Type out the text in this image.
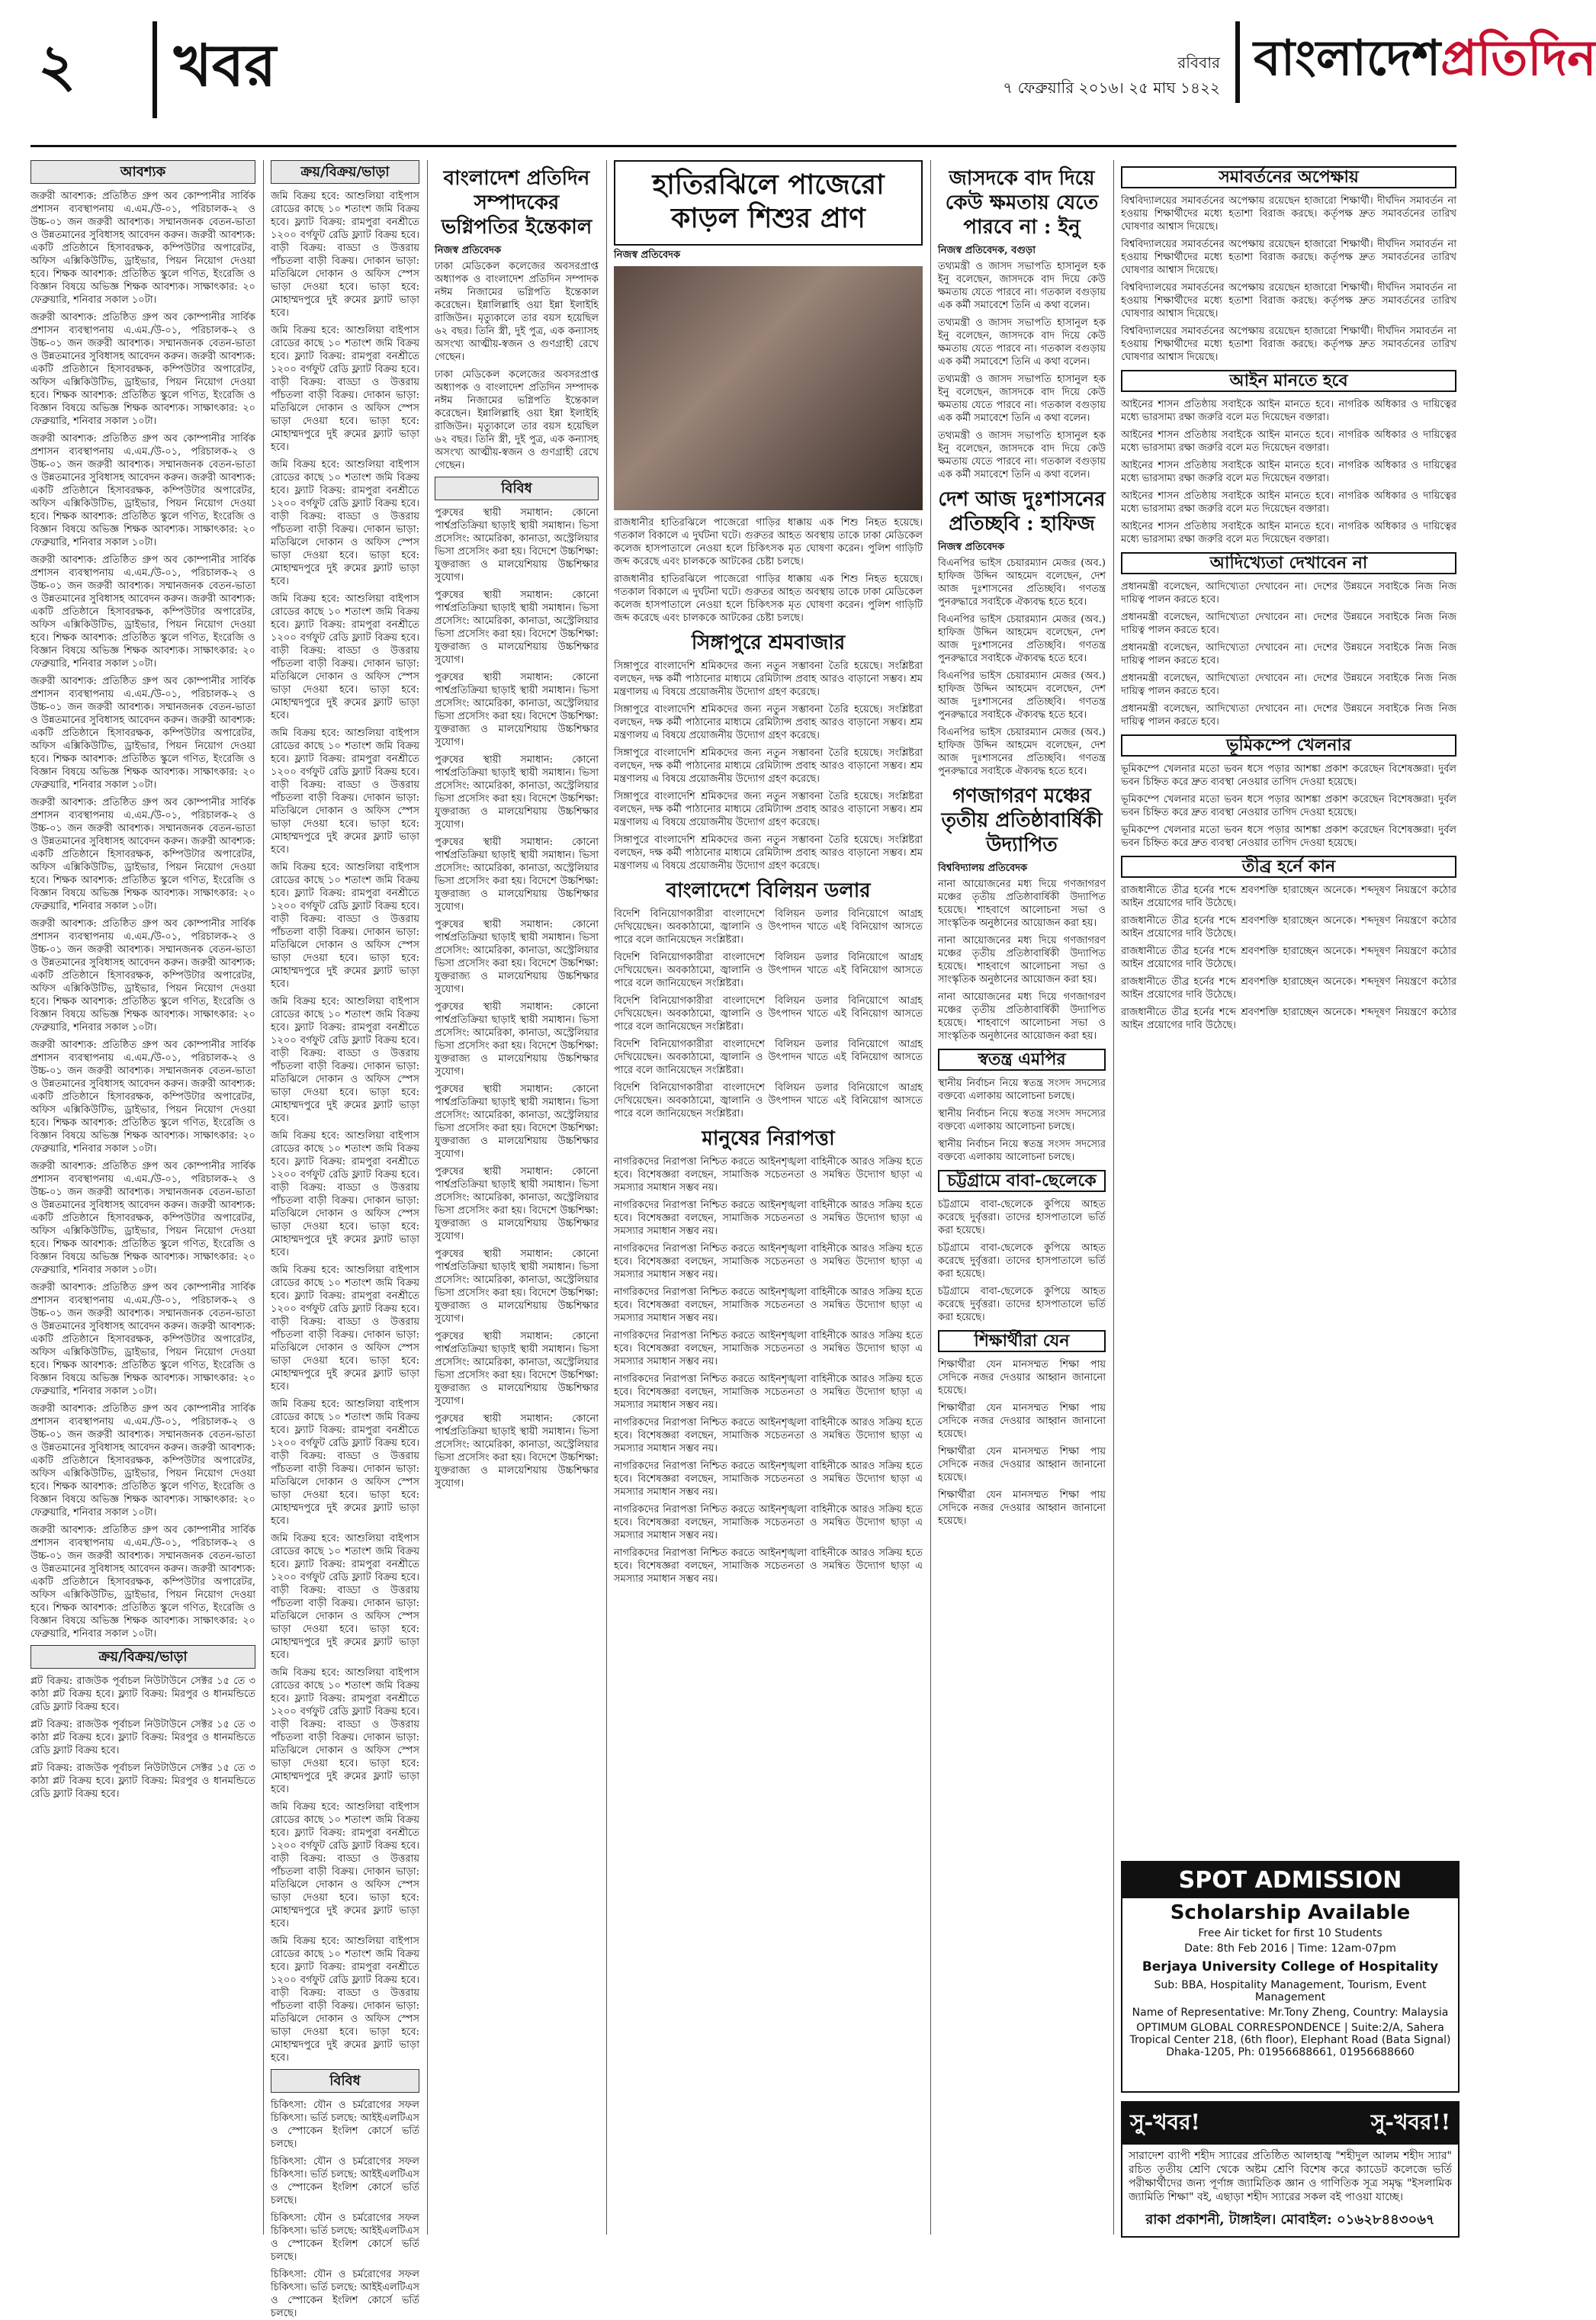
২	খবর	রবিবার
৭ ফেব্রুয়ারি ২০১৬। ২৫ মাঘ ১৪২২
বাংলাদেশপ্রতিদিন
আবশ্যক

জরুরী আবশ্যক: প্রতিষ্ঠিত গ্রুপ অব কোম্পানীর সার্বিক প্রশাসন ব্যবস্থাপনায় এ.এম./উ-০১, পরিচালক-২ ও উচ্চ-০১ জন জরুরী আবশ্যক। সম্মানজনক বেতন-ভাতা ও উন্নতমানের সুবিধাসহ আবেদন করুন। জরুরী আবশ্যক: একটি প্রতিষ্ঠানে হিসাবরক্ষক, কম্পিউটার অপারেটর, অফিস এক্সিকিউটিভ, ড্রাইভার, পিয়ন নিয়োগ দেওয়া হবে। শিক্ষক আবশ্যক: প্রতিষ্ঠিত স্কুলে গণিত, ইংরেজি ও বিজ্ঞান বিষয়ে অভিজ্ঞ শিক্ষক আবশ্যক। সাক্ষাৎকার: ২০ ফেব্রুয়ারি, শনিবার সকাল ১০টা।

জরুরী আবশ্যক: প্রতিষ্ঠিত গ্রুপ অব কোম্পানীর সার্বিক প্রশাসন ব্যবস্থাপনায় এ.এম./উ-০১, পরিচালক-২ ও উচ্চ-০১ জন জরুরী আবশ্যক। সম্মানজনক বেতন-ভাতা ও উন্নতমানের সুবিধাসহ আবেদন করুন। জরুরী আবশ্যক: একটি প্রতিষ্ঠানে হিসাবরক্ষক, কম্পিউটার অপারেটর, অফিস এক্সিকিউটিভ, ড্রাইভার, পিয়ন নিয়োগ দেওয়া হবে। শিক্ষক আবশ্যক: প্রতিষ্ঠিত স্কুলে গণিত, ইংরেজি ও বিজ্ঞান বিষয়ে অভিজ্ঞ শিক্ষক আবশ্যক। সাক্ষাৎকার: ২০ ফেব্রুয়ারি, শনিবার সকাল ১০টা।

জরুরী আবশ্যক: প্রতিষ্ঠিত গ্রুপ অব কোম্পানীর সার্বিক প্রশাসন ব্যবস্থাপনায় এ.এম./উ-০১, পরিচালক-২ ও উচ্চ-০১ জন জরুরী আবশ্যক। সম্মানজনক বেতন-ভাতা ও উন্নতমানের সুবিধাসহ আবেদন করুন। জরুরী আবশ্যক: একটি প্রতিষ্ঠানে হিসাবরক্ষক, কম্পিউটার অপারেটর, অফিস এক্সিকিউটিভ, ড্রাইভার, পিয়ন নিয়োগ দেওয়া হবে। শিক্ষক আবশ্যক: প্রতিষ্ঠিত স্কুলে গণিত, ইংরেজি ও বিজ্ঞান বিষয়ে অভিজ্ঞ শিক্ষক আবশ্যক। সাক্ষাৎকার: ২০ ফেব্রুয়ারি, শনিবার সকাল ১০টা।

জরুরী আবশ্যক: প্রতিষ্ঠিত গ্রুপ অব কোম্পানীর সার্বিক প্রশাসন ব্যবস্থাপনায় এ.এম./উ-০১, পরিচালক-২ ও উচ্চ-০১ জন জরুরী আবশ্যক। সম্মানজনক বেতন-ভাতা ও উন্নতমানের সুবিধাসহ আবেদন করুন। জরুরী আবশ্যক: একটি প্রতিষ্ঠানে হিসাবরক্ষক, কম্পিউটার অপারেটর, অফিস এক্সিকিউটিভ, ড্রাইভার, পিয়ন নিয়োগ দেওয়া হবে। শিক্ষক আবশ্যক: প্রতিষ্ঠিত স্কুলে গণিত, ইংরেজি ও বিজ্ঞান বিষয়ে অভিজ্ঞ শিক্ষক আবশ্যক। সাক্ষাৎকার: ২০ ফেব্রুয়ারি, শনিবার সকাল ১০টা।

জরুরী আবশ্যক: প্রতিষ্ঠিত গ্রুপ অব কোম্পানীর সার্বিক প্রশাসন ব্যবস্থাপনায় এ.এম./উ-০১, পরিচালক-২ ও উচ্চ-০১ জন জরুরী আবশ্যক। সম্মানজনক বেতন-ভাতা ও উন্নতমানের সুবিধাসহ আবেদন করুন। জরুরী আবশ্যক: একটি প্রতিষ্ঠানে হিসাবরক্ষক, কম্পিউটার অপারেটর, অফিস এক্সিকিউটিভ, ড্রাইভার, পিয়ন নিয়োগ দেওয়া হবে। শিক্ষক আবশ্যক: প্রতিষ্ঠিত স্কুলে গণিত, ইংরেজি ও বিজ্ঞান বিষয়ে অভিজ্ঞ শিক্ষক আবশ্যক। সাক্ষাৎকার: ২০ ফেব্রুয়ারি, শনিবার সকাল ১০টা।

জরুরী আবশ্যক: প্রতিষ্ঠিত গ্রুপ অব কোম্পানীর সার্বিক প্রশাসন ব্যবস্থাপনায় এ.এম./উ-০১, পরিচালক-২ ও উচ্চ-০১ জন জরুরী আবশ্যক। সম্মানজনক বেতন-ভাতা ও উন্নতমানের সুবিধাসহ আবেদন করুন। জরুরী আবশ্যক: একটি প্রতিষ্ঠানে হিসাবরক্ষক, কম্পিউটার অপারেটর, অফিস এক্সিকিউটিভ, ড্রাইভার, পিয়ন নিয়োগ দেওয়া হবে। শিক্ষক আবশ্যক: প্রতিষ্ঠিত স্কুলে গণিত, ইংরেজি ও বিজ্ঞান বিষয়ে অভিজ্ঞ শিক্ষক আবশ্যক। সাক্ষাৎকার: ২০ ফেব্রুয়ারি, শনিবার সকাল ১০টা।

জরুরী আবশ্যক: প্রতিষ্ঠিত গ্রুপ অব কোম্পানীর সার্বিক প্রশাসন ব্যবস্থাপনায় এ.এম./উ-০১, পরিচালক-২ ও উচ্চ-০১ জন জরুরী আবশ্যক। সম্মানজনক বেতন-ভাতা ও উন্নতমানের সুবিধাসহ আবেদন করুন। জরুরী আবশ্যক: একটি প্রতিষ্ঠানে হিসাবরক্ষক, কম্পিউটার অপারেটর, অফিস এক্সিকিউটিভ, ড্রাইভার, পিয়ন নিয়োগ দেওয়া হবে। শিক্ষক আবশ্যক: প্রতিষ্ঠিত স্কুলে গণিত, ইংরেজি ও বিজ্ঞান বিষয়ে অভিজ্ঞ শিক্ষক আবশ্যক। সাক্ষাৎকার: ২০ ফেব্রুয়ারি, শনিবার সকাল ১০টা।

জরুরী আবশ্যক: প্রতিষ্ঠিত গ্রুপ অব কোম্পানীর সার্বিক প্রশাসন ব্যবস্থাপনায় এ.এম./উ-০১, পরিচালক-২ ও উচ্চ-০১ জন জরুরী আবশ্যক। সম্মানজনক বেতন-ভাতা ও উন্নতমানের সুবিধাসহ আবেদন করুন। জরুরী আবশ্যক: একটি প্রতিষ্ঠানে হিসাবরক্ষক, কম্পিউটার অপারেটর, অফিস এক্সিকিউটিভ, ড্রাইভার, পিয়ন নিয়োগ দেওয়া হবে। শিক্ষক আবশ্যক: প্রতিষ্ঠিত স্কুলে গণিত, ইংরেজি ও বিজ্ঞান বিষয়ে অভিজ্ঞ শিক্ষক আবশ্যক। সাক্ষাৎকার: ২০ ফেব্রুয়ারি, শনিবার সকাল ১০টা।

জরুরী আবশ্যক: প্রতিষ্ঠিত গ্রুপ অব কোম্পানীর সার্বিক প্রশাসন ব্যবস্থাপনায় এ.এম./উ-০১, পরিচালক-২ ও উচ্চ-০১ জন জরুরী আবশ্যক। সম্মানজনক বেতন-ভাতা ও উন্নতমানের সুবিধাসহ আবেদন করুন। জরুরী আবশ্যক: একটি প্রতিষ্ঠানে হিসাবরক্ষক, কম্পিউটার অপারেটর, অফিস এক্সিকিউটিভ, ড্রাইভার, পিয়ন নিয়োগ দেওয়া হবে। শিক্ষক আবশ্যক: প্রতিষ্ঠিত স্কুলে গণিত, ইংরেজি ও বিজ্ঞান বিষয়ে অভিজ্ঞ শিক্ষক আবশ্যক। সাক্ষাৎকার: ২০ ফেব্রুয়ারি, শনিবার সকাল ১০টা।

জরুরী আবশ্যক: প্রতিষ্ঠিত গ্রুপ অব কোম্পানীর সার্বিক প্রশাসন ব্যবস্থাপনায় এ.এম./উ-০১, পরিচালক-২ ও উচ্চ-০১ জন জরুরী আবশ্যক। সম্মানজনক বেতন-ভাতা ও উন্নতমানের সুবিধাসহ আবেদন করুন। জরুরী আবশ্যক: একটি প্রতিষ্ঠানে হিসাবরক্ষক, কম্পিউটার অপারেটর, অফিস এক্সিকিউটিভ, ড্রাইভার, পিয়ন নিয়োগ দেওয়া হবে। শিক্ষক আবশ্যক: প্রতিষ্ঠিত স্কুলে গণিত, ইংরেজি ও বিজ্ঞান বিষয়ে অভিজ্ঞ শিক্ষক আবশ্যক। সাক্ষাৎকার: ২০ ফেব্রুয়ারি, শনিবার সকাল ১০টা।

জরুরী আবশ্যক: প্রতিষ্ঠিত গ্রুপ অব কোম্পানীর সার্বিক প্রশাসন ব্যবস্থাপনায় এ.এম./উ-০১, পরিচালক-২ ও উচ্চ-০১ জন জরুরী আবশ্যক। সম্মানজনক বেতন-ভাতা ও উন্নতমানের সুবিধাসহ আবেদন করুন। জরুরী আবশ্যক: একটি প্রতিষ্ঠানে হিসাবরক্ষক, কম্পিউটার অপারেটর, অফিস এক্সিকিউটিভ, ড্রাইভার, পিয়ন নিয়োগ দেওয়া হবে। শিক্ষক আবশ্যক: প্রতিষ্ঠিত স্কুলে গণিত, ইংরেজি ও বিজ্ঞান বিষয়ে অভিজ্ঞ শিক্ষক আবশ্যক। সাক্ষাৎকার: ২০ ফেব্রুয়ারি, শনিবার সকাল ১০টা।

জরুরী আবশ্যক: প্রতিষ্ঠিত গ্রুপ অব কোম্পানীর সার্বিক প্রশাসন ব্যবস্থাপনায় এ.এম./উ-০১, পরিচালক-২ ও উচ্চ-০১ জন জরুরী আবশ্যক। সম্মানজনক বেতন-ভাতা ও উন্নতমানের সুবিধাসহ আবেদন করুন। জরুরী আবশ্যক: একটি প্রতিষ্ঠানে হিসাবরক্ষক, কম্পিউটার অপারেটর, অফিস এক্সিকিউটিভ, ড্রাইভার, পিয়ন নিয়োগ দেওয়া হবে। শিক্ষক আবশ্যক: প্রতিষ্ঠিত স্কুলে গণিত, ইংরেজি ও বিজ্ঞান বিষয়ে অভিজ্ঞ শিক্ষক আবশ্যক। সাক্ষাৎকার: ২০ ফেব্রুয়ারি, শনিবার সকাল ১০টা।

ক্রয়/বিক্রয়/ভাড়া

প্লট বিক্রয়: রাজউক পূর্বাচল নিউটাউনে সেক্টর ১৫ তে ৩ কাঠা প্লট বিক্রয় হবে। ফ্ল্যাট বিক্রয়: মিরপুর ও ধানমন্ডিতে রেডি ফ্ল্যাট বিক্রয় হবে।

প্লট বিক্রয়: রাজউক পূর্বাচল নিউটাউনে সেক্টর ১৫ তে ৩ কাঠা প্লট বিক্রয় হবে। ফ্ল্যাট বিক্রয়: মিরপুর ও ধানমন্ডিতে রেডি ফ্ল্যাট বিক্রয় হবে।

প্লট বিক্রয়: রাজউক পূর্বাচল নিউটাউনে সেক্টর ১৫ তে ৩ কাঠা প্লট বিক্রয় হবে। ফ্ল্যাট বিক্রয়: মিরপুর ও ধানমন্ডিতে রেডি ফ্ল্যাট বিক্রয় হবে।

ক্রয়/বিক্রয়/ভাড়া

জমি বিক্রয় হবে: আশুলিয়া বাইপাস রোডের কাছে ১০ শতাংশ জমি বিক্রয় হবে। ফ্ল্যাট বিক্রয়: রামপুরা বনশ্রীতে ১২০০ বর্গফুট রেডি ফ্ল্যাট বিক্রয় হবে। বাড়ী বিক্রয়: বাড্ডা ও উত্তরায় পাঁচতলা বাড়ী বিক্রয়। দোকান ভাড়া: মতিঝিলে দোকান ও অফিস স্পেস ভাড়া দেওয়া হবে। ভাড়া হবে: মোহাম্মদপুরে দুই রুমের ফ্ল্যাট ভাড়া হবে।

জমি বিক্রয় হবে: আশুলিয়া বাইপাস রোডের কাছে ১০ শতাংশ জমি বিক্রয় হবে। ফ্ল্যাট বিক্রয়: রামপুরা বনশ্রীতে ১২০০ বর্গফুট রেডি ফ্ল্যাট বিক্রয় হবে। বাড়ী বিক্রয়: বাড্ডা ও উত্তরায় পাঁচতলা বাড়ী বিক্রয়। দোকান ভাড়া: মতিঝিলে দোকান ও অফিস স্পেস ভাড়া দেওয়া হবে। ভাড়া হবে: মোহাম্মদপুরে দুই রুমের ফ্ল্যাট ভাড়া হবে।

জমি বিক্রয় হবে: আশুলিয়া বাইপাস রোডের কাছে ১০ শতাংশ জমি বিক্রয় হবে। ফ্ল্যাট বিক্রয়: রামপুরা বনশ্রীতে ১২০০ বর্গফুট রেডি ফ্ল্যাট বিক্রয় হবে। বাড়ী বিক্রয়: বাড্ডা ও উত্তরায় পাঁচতলা বাড়ী বিক্রয়। দোকান ভাড়া: মতিঝিলে দোকান ও অফিস স্পেস ভাড়া দেওয়া হবে। ভাড়া হবে: মোহাম্মদপুরে দুই রুমের ফ্ল্যাট ভাড়া হবে।

জমি বিক্রয় হবে: আশুলিয়া বাইপাস রোডের কাছে ১০ শতাংশ জমি বিক্রয় হবে। ফ্ল্যাট বিক্রয়: রামপুরা বনশ্রীতে ১২০০ বর্গফুট রেডি ফ্ল্যাট বিক্রয় হবে। বাড়ী বিক্রয়: বাড্ডা ও উত্তরায় পাঁচতলা বাড়ী বিক্রয়। দোকান ভাড়া: মতিঝিলে দোকান ও অফিস স্পেস ভাড়া দেওয়া হবে। ভাড়া হবে: মোহাম্মদপুরে দুই রুমের ফ্ল্যাট ভাড়া হবে।

জমি বিক্রয় হবে: আশুলিয়া বাইপাস রোডের কাছে ১০ শতাংশ জমি বিক্রয় হবে। ফ্ল্যাট বিক্রয়: রামপুরা বনশ্রীতে ১২০০ বর্গফুট রেডি ফ্ল্যাট বিক্রয় হবে। বাড়ী বিক্রয়: বাড্ডা ও উত্তরায় পাঁচতলা বাড়ী বিক্রয়। দোকান ভাড়া: মতিঝিলে দোকান ও অফিস স্পেস ভাড়া দেওয়া হবে। ভাড়া হবে: মোহাম্মদপুরে দুই রুমের ফ্ল্যাট ভাড়া হবে।

জমি বিক্রয় হবে: আশুলিয়া বাইপাস রোডের কাছে ১০ শতাংশ জমি বিক্রয় হবে। ফ্ল্যাট বিক্রয়: রামপুরা বনশ্রীতে ১২০০ বর্গফুট রেডি ফ্ল্যাট বিক্রয় হবে। বাড়ী বিক্রয়: বাড্ডা ও উত্তরায় পাঁচতলা বাড়ী বিক্রয়। দোকান ভাড়া: মতিঝিলে দোকান ও অফিস স্পেস ভাড়া দেওয়া হবে। ভাড়া হবে: মোহাম্মদপুরে দুই রুমের ফ্ল্যাট ভাড়া হবে।

জমি বিক্রয় হবে: আশুলিয়া বাইপাস রোডের কাছে ১০ শতাংশ জমি বিক্রয় হবে। ফ্ল্যাট বিক্রয়: রামপুরা বনশ্রীতে ১২০০ বর্গফুট রেডি ফ্ল্যাট বিক্রয় হবে। বাড়ী বিক্রয়: বাড্ডা ও উত্তরায় পাঁচতলা বাড়ী বিক্রয়। দোকান ভাড়া: মতিঝিলে দোকান ও অফিস স্পেস ভাড়া দেওয়া হবে। ভাড়া হবে: মোহাম্মদপুরে দুই রুমের ফ্ল্যাট ভাড়া হবে।

জমি বিক্রয় হবে: আশুলিয়া বাইপাস রোডের কাছে ১০ শতাংশ জমি বিক্রয় হবে। ফ্ল্যাট বিক্রয়: রামপুরা বনশ্রীতে ১২০০ বর্গফুট রেডি ফ্ল্যাট বিক্রয় হবে। বাড়ী বিক্রয়: বাড্ডা ও উত্তরায় পাঁচতলা বাড়ী বিক্রয়। দোকান ভাড়া: মতিঝিলে দোকান ও অফিস স্পেস ভাড়া দেওয়া হবে। ভাড়া হবে: মোহাম্মদপুরে দুই রুমের ফ্ল্যাট ভাড়া হবে।

জমি বিক্রয় হবে: আশুলিয়া বাইপাস রোডের কাছে ১০ শতাংশ জমি বিক্রয় হবে। ফ্ল্যাট বিক্রয়: রামপুরা বনশ্রীতে ১২০০ বর্গফুট রেডি ফ্ল্যাট বিক্রয় হবে। বাড়ী বিক্রয়: বাড্ডা ও উত্তরায় পাঁচতলা বাড়ী বিক্রয়। দোকান ভাড়া: মতিঝিলে দোকান ও অফিস স্পেস ভাড়া দেওয়া হবে। ভাড়া হবে: মোহাম্মদপুরে দুই রুমের ফ্ল্যাট ভাড়া হবে।

জমি বিক্রয় হবে: আশুলিয়া বাইপাস রোডের কাছে ১০ শতাংশ জমি বিক্রয় হবে। ফ্ল্যাট বিক্রয়: রামপুরা বনশ্রীতে ১২০০ বর্গফুট রেডি ফ্ল্যাট বিক্রয় হবে। বাড়ী বিক্রয়: বাড্ডা ও উত্তরায় পাঁচতলা বাড়ী বিক্রয়। দোকান ভাড়া: মতিঝিলে দোকান ও অফিস স্পেস ভাড়া দেওয়া হবে। ভাড়া হবে: মোহাম্মদপুরে দুই রুমের ফ্ল্যাট ভাড়া হবে।

জমি বিক্রয় হবে: আশুলিয়া বাইপাস রোডের কাছে ১০ শতাংশ জমি বিক্রয় হবে। ফ্ল্যাট বিক্রয়: রামপুরা বনশ্রীতে ১২০০ বর্গফুট রেডি ফ্ল্যাট বিক্রয় হবে। বাড়ী বিক্রয়: বাড্ডা ও উত্তরায় পাঁচতলা বাড়ী বিক্রয়। দোকান ভাড়া: মতিঝিলে দোকান ও অফিস স্পেস ভাড়া দেওয়া হবে। ভাড়া হবে: মোহাম্মদপুরে দুই রুমের ফ্ল্যাট ভাড়া হবে।

জমি বিক্রয় হবে: আশুলিয়া বাইপাস রোডের কাছে ১০ শতাংশ জমি বিক্রয় হবে। ফ্ল্যাট বিক্রয়: রামপুরা বনশ্রীতে ১২০০ বর্গফুট রেডি ফ্ল্যাট বিক্রয় হবে। বাড়ী বিক্রয়: বাড্ডা ও উত্তরায় পাঁচতলা বাড়ী বিক্রয়। দোকান ভাড়া: মতিঝিলে দোকান ও অফিস স্পেস ভাড়া দেওয়া হবে। ভাড়া হবে: মোহাম্মদপুরে দুই রুমের ফ্ল্যাট ভাড়া হবে।

জমি বিক্রয় হবে: আশুলিয়া বাইপাস রোডের কাছে ১০ শতাংশ জমি বিক্রয় হবে। ফ্ল্যাট বিক্রয়: রামপুরা বনশ্রীতে ১২০০ বর্গফুট রেডি ফ্ল্যাট বিক্রয় হবে। বাড়ী বিক্রয়: বাড্ডা ও উত্তরায় পাঁচতলা বাড়ী বিক্রয়। দোকান ভাড়া: মতিঝিলে দোকান ও অফিস স্পেস ভাড়া দেওয়া হবে। ভাড়া হবে: মোহাম্মদপুরে দুই রুমের ফ্ল্যাট ভাড়া হবে।

জমি বিক্রয় হবে: আশুলিয়া বাইপাস রোডের কাছে ১০ শতাংশ জমি বিক্রয় হবে। ফ্ল্যাট বিক্রয়: রামপুরা বনশ্রীতে ১২০০ বর্গফুট রেডি ফ্ল্যাট বিক্রয় হবে। বাড়ী বিক্রয়: বাড্ডা ও উত্তরায় পাঁচতলা বাড়ী বিক্রয়। দোকান ভাড়া: মতিঝিলে দোকান ও অফিস স্পেস ভাড়া দেওয়া হবে। ভাড়া হবে: মোহাম্মদপুরে দুই রুমের ফ্ল্যাট ভাড়া হবে।

বিবিধ

চিকিৎসা: যৌন ও চর্মরোগের সফল চিকিৎসা। ভর্তি চলছে: আইইএলটিএস ও স্পোকেন ইংলিশ কোর্সে ভর্তি চলছে।

চিকিৎসা: যৌন ও চর্মরোগের সফল চিকিৎসা। ভর্তি চলছে: আইইএলটিএস ও স্পোকেন ইংলিশ কোর্সে ভর্তি চলছে।

চিকিৎসা: যৌন ও চর্মরোগের সফল চিকিৎসা। ভর্তি চলছে: আইইএলটিএস ও স্পোকেন ইংলিশ কোর্সে ভর্তি চলছে।

চিকিৎসা: যৌন ও চর্মরোগের সফল চিকিৎসা। ভর্তি চলছে: আইইএলটিএস ও স্পোকেন ইংলিশ কোর্সে ভর্তি চলছে।

বাংলাদেশ প্রতিদিন সম্পাদকের ভগ্নিপতির ইন্তেকাল
নিজস্ব প্রতিবেদক

ঢাকা মেডিকেল কলেজের অবসরপ্রাপ্ত অধ্যাপক ও বাংলাদেশ প্রতিদিন সম্পাদক নঈম নিজামের ভগ্নিপতি ইন্তেকাল করেছেন। ইন্নালিল্লাহি ওয়া ইন্না ইলাইহি রাজিউন। মৃত্যুকালে তার বয়স হয়েছিল ৬২ বছর। তিনি স্ত্রী, দুই পুত্র, এক কন্যাসহ অসংখ্য আত্মীয়-স্বজন ও গুণগ্রাহী রেখে গেছেন।

ঢাকা মেডিকেল কলেজের অবসরপ্রাপ্ত অধ্যাপক ও বাংলাদেশ প্রতিদিন সম্পাদক নঈম নিজামের ভগ্নিপতি ইন্তেকাল করেছেন। ইন্নালিল্লাহি ওয়া ইন্না ইলাইহি রাজিউন। মৃত্যুকালে তার বয়স হয়েছিল ৬২ বছর। তিনি স্ত্রী, দুই পুত্র, এক কন্যাসহ অসংখ্য আত্মীয়-স্বজন ও গুণগ্রাহী রেখে গেছেন।

বিবিধ

পুরুষের স্থায়ী সমাধান: কোনো পার্শ্বপ্রতিক্রিয়া ছাড়াই স্থায়ী সমাধান। ভিসা প্রসেসিং: আমেরিকা, কানাডা, অস্ট্রেলিয়ার ভিসা প্রসেসিং করা হয়। বিদেশে উচ্চশিক্ষা: যুক্তরাজ্য ও মালয়েশিয়ায় উচ্চশিক্ষার সুযোগ।

পুরুষের স্থায়ী সমাধান: কোনো পার্শ্বপ্রতিক্রিয়া ছাড়াই স্থায়ী সমাধান। ভিসা প্রসেসিং: আমেরিকা, কানাডা, অস্ট্রেলিয়ার ভিসা প্রসেসিং করা হয়। বিদেশে উচ্চশিক্ষা: যুক্তরাজ্য ও মালয়েশিয়ায় উচ্চশিক্ষার সুযোগ।

পুরুষের স্থায়ী সমাধান: কোনো পার্শ্বপ্রতিক্রিয়া ছাড়াই স্থায়ী সমাধান। ভিসা প্রসেসিং: আমেরিকা, কানাডা, অস্ট্রেলিয়ার ভিসা প্রসেসিং করা হয়। বিদেশে উচ্চশিক্ষা: যুক্তরাজ্য ও মালয়েশিয়ায় উচ্চশিক্ষার সুযোগ।

পুরুষের স্থায়ী সমাধান: কোনো পার্শ্বপ্রতিক্রিয়া ছাড়াই স্থায়ী সমাধান। ভিসা প্রসেসিং: আমেরিকা, কানাডা, অস্ট্রেলিয়ার ভিসা প্রসেসিং করা হয়। বিদেশে উচ্চশিক্ষা: যুক্তরাজ্য ও মালয়েশিয়ায় উচ্চশিক্ষার সুযোগ।

পুরুষের স্থায়ী সমাধান: কোনো পার্শ্বপ্রতিক্রিয়া ছাড়াই স্থায়ী সমাধান। ভিসা প্রসেসিং: আমেরিকা, কানাডা, অস্ট্রেলিয়ার ভিসা প্রসেসিং করা হয়। বিদেশে উচ্চশিক্ষা: যুক্তরাজ্য ও মালয়েশিয়ায় উচ্চশিক্ষার সুযোগ।

পুরুষের স্থায়ী সমাধান: কোনো পার্শ্বপ্রতিক্রিয়া ছাড়াই স্থায়ী সমাধান। ভিসা প্রসেসিং: আমেরিকা, কানাডা, অস্ট্রেলিয়ার ভিসা প্রসেসিং করা হয়। বিদেশে উচ্চশিক্ষা: যুক্তরাজ্য ও মালয়েশিয়ায় উচ্চশিক্ষার সুযোগ।

পুরুষের স্থায়ী সমাধান: কোনো পার্শ্বপ্রতিক্রিয়া ছাড়াই স্থায়ী সমাধান। ভিসা প্রসেসিং: আমেরিকা, কানাডা, অস্ট্রেলিয়ার ভিসা প্রসেসিং করা হয়। বিদেশে উচ্চশিক্ষা: যুক্তরাজ্য ও মালয়েশিয়ায় উচ্চশিক্ষার সুযোগ।

পুরুষের স্থায়ী সমাধান: কোনো পার্শ্বপ্রতিক্রিয়া ছাড়াই স্থায়ী সমাধান। ভিসা প্রসেসিং: আমেরিকা, কানাডা, অস্ট্রেলিয়ার ভিসা প্রসেসিং করা হয়। বিদেশে উচ্চশিক্ষা: যুক্তরাজ্য ও মালয়েশিয়ায় উচ্চশিক্ষার সুযোগ।

পুরুষের স্থায়ী সমাধান: কোনো পার্শ্বপ্রতিক্রিয়া ছাড়াই স্থায়ী সমাধান। ভিসা প্রসেসিং: আমেরিকা, কানাডা, অস্ট্রেলিয়ার ভিসা প্রসেসিং করা হয়। বিদেশে উচ্চশিক্ষা: যুক্তরাজ্য ও মালয়েশিয়ায় উচ্চশিক্ষার সুযোগ।

পুরুষের স্থায়ী সমাধান: কোনো পার্শ্বপ্রতিক্রিয়া ছাড়াই স্থায়ী সমাধান। ভিসা প্রসেসিং: আমেরিকা, কানাডা, অস্ট্রেলিয়ার ভিসা প্রসেসিং করা হয়। বিদেশে উচ্চশিক্ষা: যুক্তরাজ্য ও মালয়েশিয়ায় উচ্চশিক্ষার সুযোগ।

পুরুষের স্থায়ী সমাধান: কোনো পার্শ্বপ্রতিক্রিয়া ছাড়াই স্থায়ী সমাধান। ভিসা প্রসেসিং: আমেরিকা, কানাডা, অস্ট্রেলিয়ার ভিসা প্রসেসিং করা হয়। বিদেশে উচ্চশিক্ষা: যুক্তরাজ্য ও মালয়েশিয়ায় উচ্চশিক্ষার সুযোগ।

পুরুষের স্থায়ী সমাধান: কোনো পার্শ্বপ্রতিক্রিয়া ছাড়াই স্থায়ী সমাধান। ভিসা প্রসেসিং: আমেরিকা, কানাডা, অস্ট্রেলিয়ার ভিসা প্রসেসিং করা হয়। বিদেশে উচ্চশিক্ষা: যুক্তরাজ্য ও মালয়েশিয়ায় উচ্চশিক্ষার সুযোগ।

হাতিরঝিলে পাজেরো কাড়ল শিশুর প্রাণ
নিজস্ব প্রতিবেদক

রাজধানীর হাতিরঝিলে পাজেরো গাড়ির ধাক্কায় এক শিশু নিহত হয়েছে। গতকাল বিকালে এ দুর্ঘটনা ঘটে। গুরুতর আহত অবস্থায় তাকে ঢাকা মেডিকেল কলেজ হাসপাতালে নেওয়া হলে চিকিৎসক মৃত ঘোষণা করেন। পুলিশ গাড়িটি জব্দ করেছে এবং চালককে আটকের চেষ্টা চলছে।

রাজধানীর হাতিরঝিলে পাজেরো গাড়ির ধাক্কায় এক শিশু নিহত হয়েছে। গতকাল বিকালে এ দুর্ঘটনা ঘটে। গুরুতর আহত অবস্থায় তাকে ঢাকা মেডিকেল কলেজ হাসপাতালে নেওয়া হলে চিকিৎসক মৃত ঘোষণা করেন। পুলিশ গাড়িটি জব্দ করেছে এবং চালককে আটকের চেষ্টা চলছে।

সিঙ্গাপুরে শ্রমবাজার

সিঙ্গাপুরে বাংলাদেশি শ্রমিকদের জন্য নতুন সম্ভাবনা তৈরি হয়েছে। সংশ্লিষ্টরা বলছেন, দক্ষ কর্মী পাঠানোর মাধ্যমে রেমিট্যান্স প্রবাহ আরও বাড়ানো সম্ভব। শ্রম মন্ত্রণালয় এ বিষয়ে প্রয়োজনীয় উদ্যোগ গ্রহণ করেছে।

সিঙ্গাপুরে বাংলাদেশি শ্রমিকদের জন্য নতুন সম্ভাবনা তৈরি হয়েছে। সংশ্লিষ্টরা বলছেন, দক্ষ কর্মী পাঠানোর মাধ্যমে রেমিট্যান্স প্রবাহ আরও বাড়ানো সম্ভব। শ্রম মন্ত্রণালয় এ বিষয়ে প্রয়োজনীয় উদ্যোগ গ্রহণ করেছে।

সিঙ্গাপুরে বাংলাদেশি শ্রমিকদের জন্য নতুন সম্ভাবনা তৈরি হয়েছে। সংশ্লিষ্টরা বলছেন, দক্ষ কর্মী পাঠানোর মাধ্যমে রেমিট্যান্স প্রবাহ আরও বাড়ানো সম্ভব। শ্রম মন্ত্রণালয় এ বিষয়ে প্রয়োজনীয় উদ্যোগ গ্রহণ করেছে।

সিঙ্গাপুরে বাংলাদেশি শ্রমিকদের জন্য নতুন সম্ভাবনা তৈরি হয়েছে। সংশ্লিষ্টরা বলছেন, দক্ষ কর্মী পাঠানোর মাধ্যমে রেমিট্যান্স প্রবাহ আরও বাড়ানো সম্ভব। শ্রম মন্ত্রণালয় এ বিষয়ে প্রয়োজনীয় উদ্যোগ গ্রহণ করেছে।

সিঙ্গাপুরে বাংলাদেশি শ্রমিকদের জন্য নতুন সম্ভাবনা তৈরি হয়েছে। সংশ্লিষ্টরা বলছেন, দক্ষ কর্মী পাঠানোর মাধ্যমে রেমিট্যান্স প্রবাহ আরও বাড়ানো সম্ভব। শ্রম মন্ত্রণালয় এ বিষয়ে প্রয়োজনীয় উদ্যোগ গ্রহণ করেছে।

বাংলাদেশে বিলিয়ন ডলার

বিদেশি বিনিয়োগকারীরা বাংলাদেশে বিলিয়ন ডলার বিনিয়োগে আগ্রহ দেখিয়েছেন। অবকাঠামো, জ্বালানি ও উৎপাদন খাতে এই বিনিয়োগ আসতে পারে বলে জানিয়েছেন সংশ্লিষ্টরা।

বিদেশি বিনিয়োগকারীরা বাংলাদেশে বিলিয়ন ডলার বিনিয়োগে আগ্রহ দেখিয়েছেন। অবকাঠামো, জ্বালানি ও উৎপাদন খাতে এই বিনিয়োগ আসতে পারে বলে জানিয়েছেন সংশ্লিষ্টরা।

বিদেশি বিনিয়োগকারীরা বাংলাদেশে বিলিয়ন ডলার বিনিয়োগে আগ্রহ দেখিয়েছেন। অবকাঠামো, জ্বালানি ও উৎপাদন খাতে এই বিনিয়োগ আসতে পারে বলে জানিয়েছেন সংশ্লিষ্টরা।

বিদেশি বিনিয়োগকারীরা বাংলাদেশে বিলিয়ন ডলার বিনিয়োগে আগ্রহ দেখিয়েছেন। অবকাঠামো, জ্বালানি ও উৎপাদন খাতে এই বিনিয়োগ আসতে পারে বলে জানিয়েছেন সংশ্লিষ্টরা।

বিদেশি বিনিয়োগকারীরা বাংলাদেশে বিলিয়ন ডলার বিনিয়োগে আগ্রহ দেখিয়েছেন। অবকাঠামো, জ্বালানি ও উৎপাদন খাতে এই বিনিয়োগ আসতে পারে বলে জানিয়েছেন সংশ্লিষ্টরা।

মানুষের নিরাপত্তা

নাগরিকদের নিরাপত্তা নিশ্চিত করতে আইনশৃঙ্খলা বাহিনীকে আরও সক্রিয় হতে হবে। বিশেষজ্ঞরা বলছেন, সামাজিক সচেতনতা ও সমন্বিত উদ্যোগ ছাড়া এ সমস্যার সমাধান সম্ভব নয়।

নাগরিকদের নিরাপত্তা নিশ্চিত করতে আইনশৃঙ্খলা বাহিনীকে আরও সক্রিয় হতে হবে। বিশেষজ্ঞরা বলছেন, সামাজিক সচেতনতা ও সমন্বিত উদ্যোগ ছাড়া এ সমস্যার সমাধান সম্ভব নয়।

নাগরিকদের নিরাপত্তা নিশ্চিত করতে আইনশৃঙ্খলা বাহিনীকে আরও সক্রিয় হতে হবে। বিশেষজ্ঞরা বলছেন, সামাজিক সচেতনতা ও সমন্বিত উদ্যোগ ছাড়া এ সমস্যার সমাধান সম্ভব নয়।

নাগরিকদের নিরাপত্তা নিশ্চিত করতে আইনশৃঙ্খলা বাহিনীকে আরও সক্রিয় হতে হবে। বিশেষজ্ঞরা বলছেন, সামাজিক সচেতনতা ও সমন্বিত উদ্যোগ ছাড়া এ সমস্যার সমাধান সম্ভব নয়।

নাগরিকদের নিরাপত্তা নিশ্চিত করতে আইনশৃঙ্খলা বাহিনীকে আরও সক্রিয় হতে হবে। বিশেষজ্ঞরা বলছেন, সামাজিক সচেতনতা ও সমন্বিত উদ্যোগ ছাড়া এ সমস্যার সমাধান সম্ভব নয়।

নাগরিকদের নিরাপত্তা নিশ্চিত করতে আইনশৃঙ্খলা বাহিনীকে আরও সক্রিয় হতে হবে। বিশেষজ্ঞরা বলছেন, সামাজিক সচেতনতা ও সমন্বিত উদ্যোগ ছাড়া এ সমস্যার সমাধান সম্ভব নয়।

নাগরিকদের নিরাপত্তা নিশ্চিত করতে আইনশৃঙ্খলা বাহিনীকে আরও সক্রিয় হতে হবে। বিশেষজ্ঞরা বলছেন, সামাজিক সচেতনতা ও সমন্বিত উদ্যোগ ছাড়া এ সমস্যার সমাধান সম্ভব নয়।

নাগরিকদের নিরাপত্তা নিশ্চিত করতে আইনশৃঙ্খলা বাহিনীকে আরও সক্রিয় হতে হবে। বিশেষজ্ঞরা বলছেন, সামাজিক সচেতনতা ও সমন্বিত উদ্যোগ ছাড়া এ সমস্যার সমাধান সম্ভব নয়।

নাগরিকদের নিরাপত্তা নিশ্চিত করতে আইনশৃঙ্খলা বাহিনীকে আরও সক্রিয় হতে হবে। বিশেষজ্ঞরা বলছেন, সামাজিক সচেতনতা ও সমন্বিত উদ্যোগ ছাড়া এ সমস্যার সমাধান সম্ভব নয়।

নাগরিকদের নিরাপত্তা নিশ্চিত করতে আইনশৃঙ্খলা বাহিনীকে আরও সক্রিয় হতে হবে। বিশেষজ্ঞরা বলছেন, সামাজিক সচেতনতা ও সমন্বিত উদ্যোগ ছাড়া এ সমস্যার সমাধান সম্ভব নয়।

জাসদকে বাদ দিয়ে কেউ ক্ষমতায় যেতে পারবে না : ইনু
নিজস্ব প্রতিবেদক, বগুড়া

তথ্যমন্ত্রী ও জাসদ সভাপতি হাসানুল হক ইনু বলেছেন, জাসদকে বাদ দিয়ে কেউ ক্ষমতায় যেতে পারবে না। গতকাল বগুড়ায় এক কর্মী সমাবেশে তিনি এ কথা বলেন।

তথ্যমন্ত্রী ও জাসদ সভাপতি হাসানুল হক ইনু বলেছেন, জাসদকে বাদ দিয়ে কেউ ক্ষমতায় যেতে পারবে না। গতকাল বগুড়ায় এক কর্মী সমাবেশে তিনি এ কথা বলেন।

তথ্যমন্ত্রী ও জাসদ সভাপতি হাসানুল হক ইনু বলেছেন, জাসদকে বাদ দিয়ে কেউ ক্ষমতায় যেতে পারবে না। গতকাল বগুড়ায় এক কর্মী সমাবেশে তিনি এ কথা বলেন।

তথ্যমন্ত্রী ও জাসদ সভাপতি হাসানুল হক ইনু বলেছেন, জাসদকে বাদ দিয়ে কেউ ক্ষমতায় যেতে পারবে না। গতকাল বগুড়ায় এক কর্মী সমাবেশে তিনি এ কথা বলেন।

দেশ আজ দুঃশাসনের প্রতিচ্ছবি : হাফিজ
নিজস্ব প্রতিবেদক

বিএনপির ভাইস চেয়ারম্যান মেজর (অব.) হাফিজ উদ্দিন আহমেদ বলেছেন, দেশ আজ দুঃশাসনের প্রতিচ্ছবি। গণতন্ত্র পুনরুদ্ধারে সবাইকে ঐক্যবদ্ধ হতে হবে।

বিএনপির ভাইস চেয়ারম্যান মেজর (অব.) হাফিজ উদ্দিন আহমেদ বলেছেন, দেশ আজ দুঃশাসনের প্রতিচ্ছবি। গণতন্ত্র পুনরুদ্ধারে সবাইকে ঐক্যবদ্ধ হতে হবে।

বিএনপির ভাইস চেয়ারম্যান মেজর (অব.) হাফিজ উদ্দিন আহমেদ বলেছেন, দেশ আজ দুঃশাসনের প্রতিচ্ছবি। গণতন্ত্র পুনরুদ্ধারে সবাইকে ঐক্যবদ্ধ হতে হবে।

বিএনপির ভাইস চেয়ারম্যান মেজর (অব.) হাফিজ উদ্দিন আহমেদ বলেছেন, দেশ আজ দুঃশাসনের প্রতিচ্ছবি। গণতন্ত্র পুনরুদ্ধারে সবাইকে ঐক্যবদ্ধ হতে হবে।

গণজাগরণ মঞ্চের তৃতীয় প্রতিষ্ঠাবার্ষিকী উদ্যাপিত
বিশ্ববিদ্যালয় প্রতিবেদক

নানা আয়োজনের মধ্য দিয়ে গণজাগরণ মঞ্চের তৃতীয় প্রতিষ্ঠাবার্ষিকী উদ্যাপিত হয়েছে। শাহবাগে আলোচনা সভা ও সাংস্কৃতিক অনুষ্ঠানের আয়োজন করা হয়।

নানা আয়োজনের মধ্য দিয়ে গণজাগরণ মঞ্চের তৃতীয় প্রতিষ্ঠাবার্ষিকী উদ্যাপিত হয়েছে। শাহবাগে আলোচনা সভা ও সাংস্কৃতিক অনুষ্ঠানের আয়োজন করা হয়।

নানা আয়োজনের মধ্য দিয়ে গণজাগরণ মঞ্চের তৃতীয় প্রতিষ্ঠাবার্ষিকী উদ্যাপিত হয়েছে। শাহবাগে আলোচনা সভা ও সাংস্কৃতিক অনুষ্ঠানের আয়োজন করা হয়।

স্বতন্ত্র এমপির

স্থানীয় নির্বাচন নিয়ে স্বতন্ত্র সংসদ সদস্যের বক্তব্যে এলাকায় আলোচনা চলছে।

স্থানীয় নির্বাচন নিয়ে স্বতন্ত্র সংসদ সদস্যের বক্তব্যে এলাকায় আলোচনা চলছে।

স্থানীয় নির্বাচন নিয়ে স্বতন্ত্র সংসদ সদস্যের বক্তব্যে এলাকায় আলোচনা চলছে।

চট্টগ্রামে বাবা-ছেলেকে

চট্টগ্রামে বাবা-ছেলেকে কুপিয়ে আহত করেছে দুর্বৃত্তরা। তাদের হাসপাতালে ভর্তি করা হয়েছে।

চট্টগ্রামে বাবা-ছেলেকে কুপিয়ে আহত করেছে দুর্বৃত্তরা। তাদের হাসপাতালে ভর্তি করা হয়েছে।

চট্টগ্রামে বাবা-ছেলেকে কুপিয়ে আহত করেছে দুর্বৃত্তরা। তাদের হাসপাতালে ভর্তি করা হয়েছে।

শিক্ষার্থীরা যেন

শিক্ষার্থীরা যেন মানসম্মত শিক্ষা পায় সেদিকে নজর দেওয়ার আহ্বান জানানো হয়েছে।

শিক্ষার্থীরা যেন মানসম্মত শিক্ষা পায় সেদিকে নজর দেওয়ার আহ্বান জানানো হয়েছে।

শিক্ষার্থীরা যেন মানসম্মত শিক্ষা পায় সেদিকে নজর দেওয়ার আহ্বান জানানো হয়েছে।

শিক্ষার্থীরা যেন মানসম্মত শিক্ষা পায় সেদিকে নজর দেওয়ার আহ্বান জানানো হয়েছে।

সমাবর্তনের অপেক্ষায়

বিশ্ববিদ্যালয়ের সমাবর্তনের অপেক্ষায় রয়েছেন হাজারো শিক্ষার্থী। দীর্ঘদিন সমাবর্তন না হওয়ায় শিক্ষার্থীদের মধ্যে হতাশা বিরাজ করছে। কর্তৃপক্ষ দ্রুত সমাবর্তনের তারিখ ঘোষণার আশ্বাস দিয়েছে।

বিশ্ববিদ্যালয়ের সমাবর্তনের অপেক্ষায় রয়েছেন হাজারো শিক্ষার্থী। দীর্ঘদিন সমাবর্তন না হওয়ায় শিক্ষার্থীদের মধ্যে হতাশা বিরাজ করছে। কর্তৃপক্ষ দ্রুত সমাবর্তনের তারিখ ঘোষণার আশ্বাস দিয়েছে।

বিশ্ববিদ্যালয়ের সমাবর্তনের অপেক্ষায় রয়েছেন হাজারো শিক্ষার্থী। দীর্ঘদিন সমাবর্তন না হওয়ায় শিক্ষার্থীদের মধ্যে হতাশা বিরাজ করছে। কর্তৃপক্ষ দ্রুত সমাবর্তনের তারিখ ঘোষণার আশ্বাস দিয়েছে।

বিশ্ববিদ্যালয়ের সমাবর্তনের অপেক্ষায় রয়েছেন হাজারো শিক্ষার্থী। দীর্ঘদিন সমাবর্তন না হওয়ায় শিক্ষার্থীদের মধ্যে হতাশা বিরাজ করছে। কর্তৃপক্ষ দ্রুত সমাবর্তনের তারিখ ঘোষণার আশ্বাস দিয়েছে।

আইন মানতে হবে

আইনের শাসন প্রতিষ্ঠায় সবাইকে আইন মানতে হবে। নাগরিক অধিকার ও দায়িত্বের মধ্যে ভারসাম্য রক্ষা জরুরি বলে মত দিয়েছেন বক্তারা।

আইনের শাসন প্রতিষ্ঠায় সবাইকে আইন মানতে হবে। নাগরিক অধিকার ও দায়িত্বের মধ্যে ভারসাম্য রক্ষা জরুরি বলে মত দিয়েছেন বক্তারা।

আইনের শাসন প্রতিষ্ঠায় সবাইকে আইন মানতে হবে। নাগরিক অধিকার ও দায়িত্বের মধ্যে ভারসাম্য রক্ষা জরুরি বলে মত দিয়েছেন বক্তারা।

আইনের শাসন প্রতিষ্ঠায় সবাইকে আইন মানতে হবে। নাগরিক অধিকার ও দায়িত্বের মধ্যে ভারসাম্য রক্ষা জরুরি বলে মত দিয়েছেন বক্তারা।

আইনের শাসন প্রতিষ্ঠায় সবাইকে আইন মানতে হবে। নাগরিক অধিকার ও দায়িত্বের মধ্যে ভারসাম্য রক্ষা জরুরি বলে মত দিয়েছেন বক্তারা।

আদিখ্যেতা দেখাবেন না

প্রধানমন্ত্রী বলেছেন, আদিখ্যেতা দেখাবেন না। দেশের উন্নয়নে সবাইকে নিজ নিজ দায়িত্ব পালন করতে হবে।

প্রধানমন্ত্রী বলেছেন, আদিখ্যেতা দেখাবেন না। দেশের উন্নয়নে সবাইকে নিজ নিজ দায়িত্ব পালন করতে হবে।

প্রধানমন্ত্রী বলেছেন, আদিখ্যেতা দেখাবেন না। দেশের উন্নয়নে সবাইকে নিজ নিজ দায়িত্ব পালন করতে হবে।

প্রধানমন্ত্রী বলেছেন, আদিখ্যেতা দেখাবেন না। দেশের উন্নয়নে সবাইকে নিজ নিজ দায়িত্ব পালন করতে হবে।

প্রধানমন্ত্রী বলেছেন, আদিখ্যেতা দেখাবেন না। দেশের উন্নয়নে সবাইকে নিজ নিজ দায়িত্ব পালন করতে হবে।

ভূমিকম্পে খেলনার

ভূমিকম্পে খেলনার মতো ভবন ধসে পড়ার আশঙ্কা প্রকাশ করেছেন বিশেষজ্ঞরা। দুর্বল ভবন চিহ্নিত করে দ্রুত ব্যবস্থা নেওয়ার তাগিদ দেওয়া হয়েছে।

ভূমিকম্পে খেলনার মতো ভবন ধসে পড়ার আশঙ্কা প্রকাশ করেছেন বিশেষজ্ঞরা। দুর্বল ভবন চিহ্নিত করে দ্রুত ব্যবস্থা নেওয়ার তাগিদ দেওয়া হয়েছে।

ভূমিকম্পে খেলনার মতো ভবন ধসে পড়ার আশঙ্কা প্রকাশ করেছেন বিশেষজ্ঞরা। দুর্বল ভবন চিহ্নিত করে দ্রুত ব্যবস্থা নেওয়ার তাগিদ দেওয়া হয়েছে।

তীব্র হর্নে কান

রাজধানীতে তীব্র হর্নের শব্দে শ্রবণশক্তি হারাচ্ছেন অনেকে। শব্দদূষণ নিয়ন্ত্রণে কঠোর আইন প্রয়োগের দাবি উঠেছে।

রাজধানীতে তীব্র হর্নের শব্দে শ্রবণশক্তি হারাচ্ছেন অনেকে। শব্দদূষণ নিয়ন্ত্রণে কঠোর আইন প্রয়োগের দাবি উঠেছে।

রাজধানীতে তীব্র হর্নের শব্দে শ্রবণশক্তি হারাচ্ছেন অনেকে। শব্দদূষণ নিয়ন্ত্রণে কঠোর আইন প্রয়োগের দাবি উঠেছে।

রাজধানীতে তীব্র হর্নের শব্দে শ্রবণশক্তি হারাচ্ছেন অনেকে। শব্দদূষণ নিয়ন্ত্রণে কঠোর আইন প্রয়োগের দাবি উঠেছে।

রাজধানীতে তীব্র হর্নের শব্দে শ্রবণশক্তি হারাচ্ছেন অনেকে। শব্দদূষণ নিয়ন্ত্রণে কঠোর আইন প্রয়োগের দাবি উঠেছে।

SPOT ADMISSION
Scholarship Available
Free Air ticket for first 10 Students
Date: 8th Feb 2016 | Time: 12am-07pm
Berjaya University College of Hospitality
Sub: BBA, Hospitality Management, Tourism, Event Management
Name of Representative: Mr.Tony Zheng, Country: Malaysia
OPTIMUM GLOBAL CORRESPONDENCE | Suite:2/A, Sahera Tropical Center 218, (6th floor), Elephant Road (Bata Signal) Dhaka-1205, Ph: 01956688661, 01956688660
সু-খবর!	সু-খবর!!
সারাদেশ ব্যাপী শহীদ স্যারের প্রতিষ্ঠিত আলহাজ্ব "শহীদুল আলম শহীদ স্যার" রচিত তৃতীয় শ্রেণি থেকে অষ্টম শ্রেণি বিশেষ করে ক্যাডেট কলেজে ভর্তি পরীক্ষার্থীদের জন্য পূর্ণাঙ্গ জ্যামিতিক জ্ঞান ও গাণিতিক সূত্র সমৃদ্ধ "ইসলামিক জ্যামিতি শিক্ষা" বই, এছাড়া শহীদ স্যারের সকল বই পাওয়া যাচ্ছে।
রাকা প্রকাশনী, টাঙ্গাইল। মোবাইল: ০১৬২৮৪৪৩০৬৭
